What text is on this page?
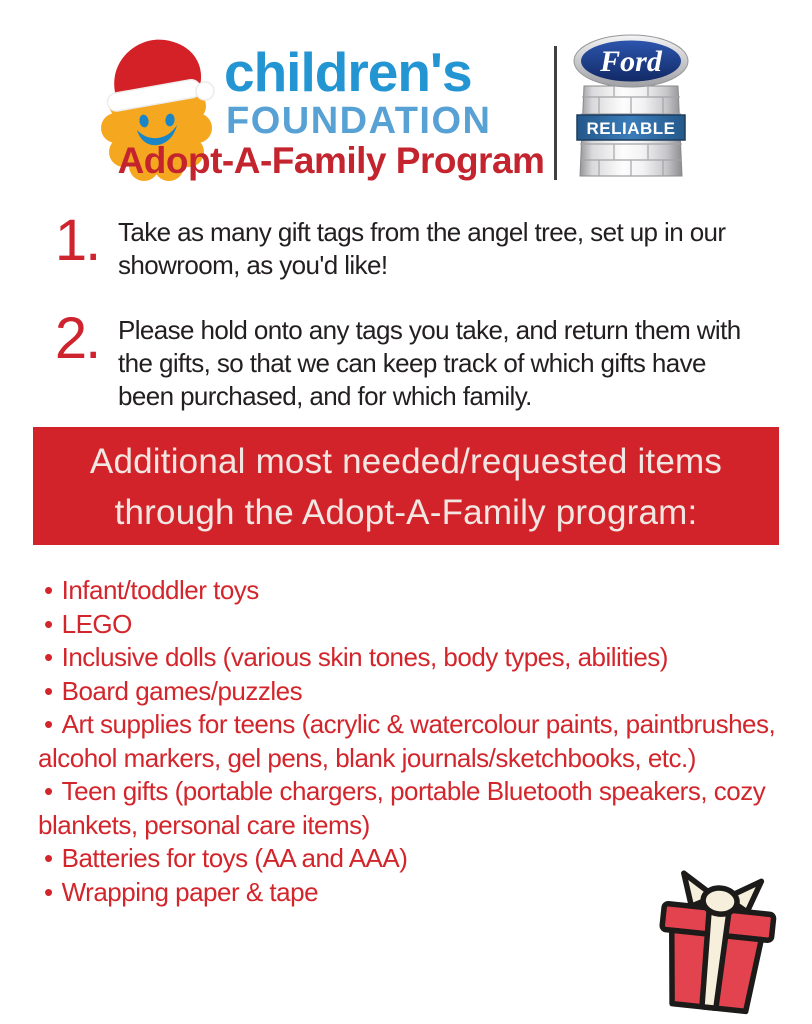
children's
FOUNDATION
Adopt-A-Family Program
RELIABLE
Ford
1. Take as many gift tags from the angel tree, set up in our showroom, as you'd like!

2. Please hold onto any tags you take, and return them with the gifts, so that we can keep track of which gifts have been purchased, and for which family.

Additional most needed/requested items
through the Adopt-A-Family program:
• Infant/toddler toys
• LEGO
• Inclusive dolls (various skin tones, body types, abilities)
• Board games/puzzles
• Art supplies for teens (acrylic & watercolour paints, paintbrushes, alcohol markers, gel pens, blank journals/sketchbooks, etc.)
• Teen gifts (portable chargers, portable Bluetooth speakers, cozy blankets, personal care items)
• Batteries for toys (AA and AAA)
• Wrapping paper & tape
